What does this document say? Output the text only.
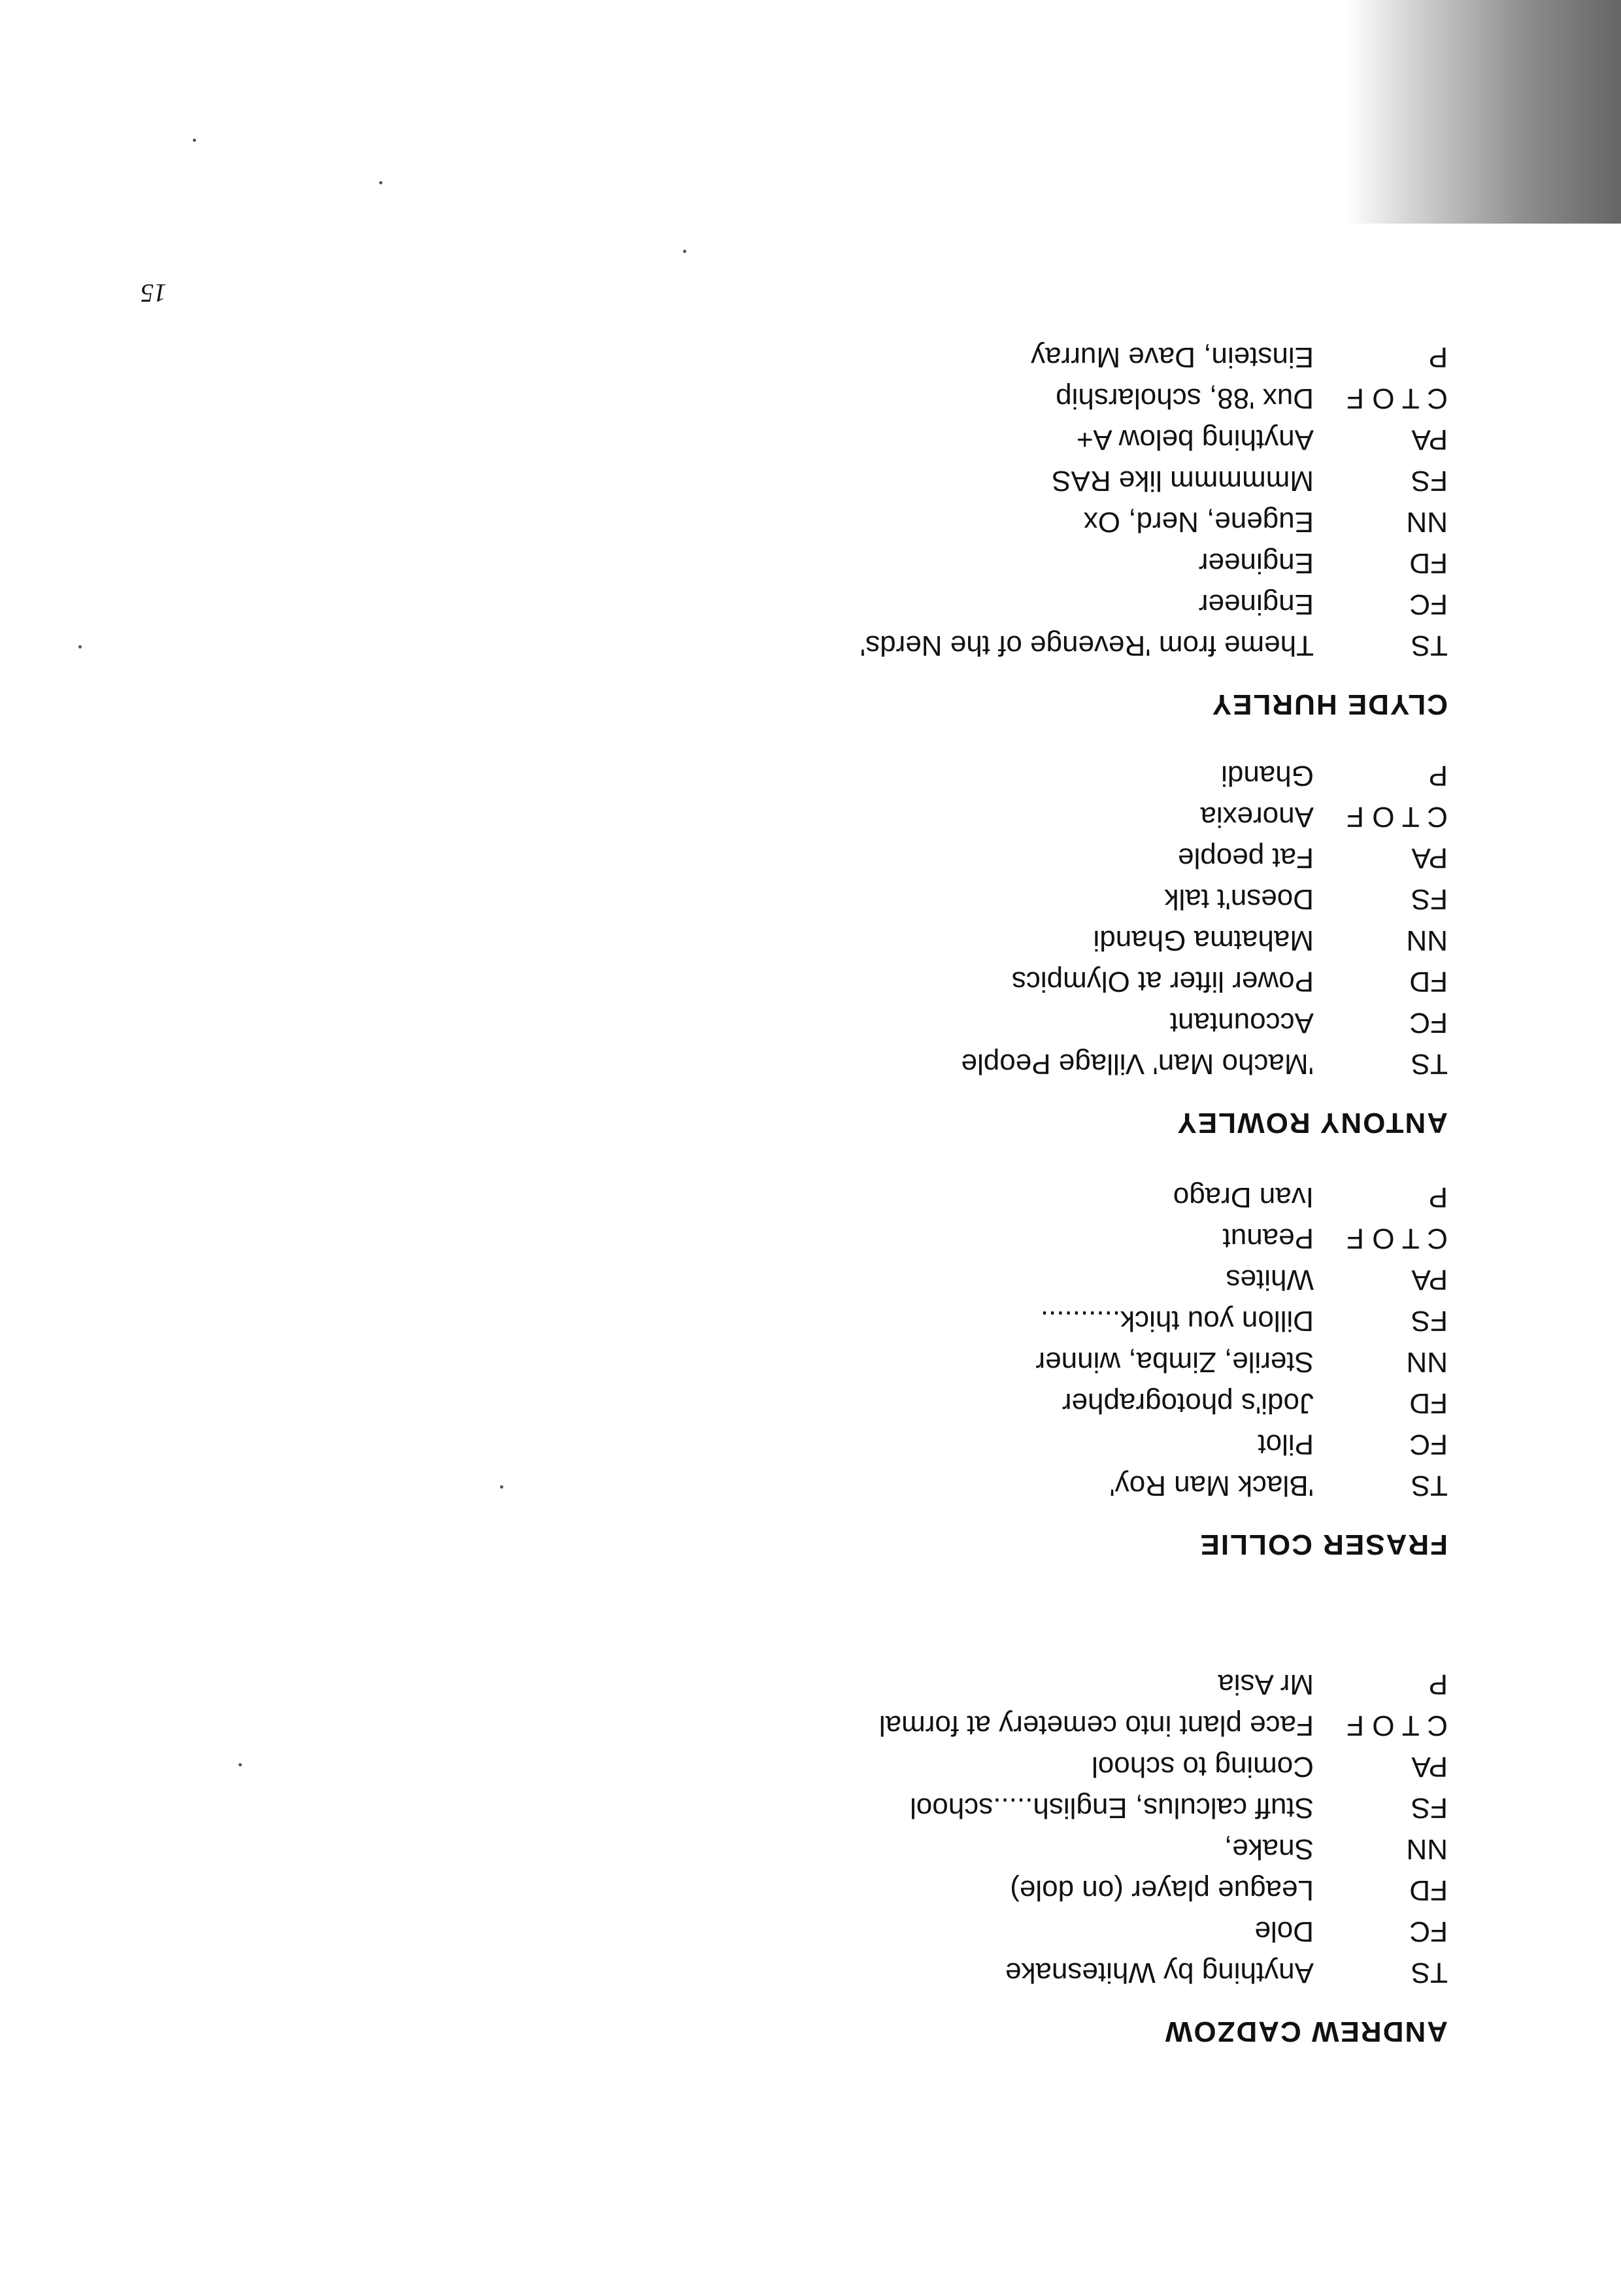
15
ANDREW CADZOW
TSAnything by Whitesnake
FCDole
FDLeague player (on dole)
NNSnake,
FSStuff calculus, English.....school
PAComing to school
C T O FFace plant into cemetery at formal
PMr Asia
FRASER COLLIE
TS'Black Man Roy'
FCPilot
FDJodi's photographer
NNSterile, Zimba, winner
FSDillon you thick..........
PAWhites
C T O FPeanut
PIvan Drago
ANTONY ROWLEY
TS'Macho Man' Village People
FCAccountant
FDPower lifter at Olympics
NNMahatma Ghandi
FSDoesn't talk
PAFat people
C T O FAnorexia
PGhandi
CLYDE HURLEY
TSTheme from 'Revenge of the Nerds'
FCEngineer
FDEngineer
NNEugene, Nerd, Ox
FSMmmmmm like RAS
PAAnything below A+
C T O FDux '88, scholarship
PEinstein, Dave Murray
